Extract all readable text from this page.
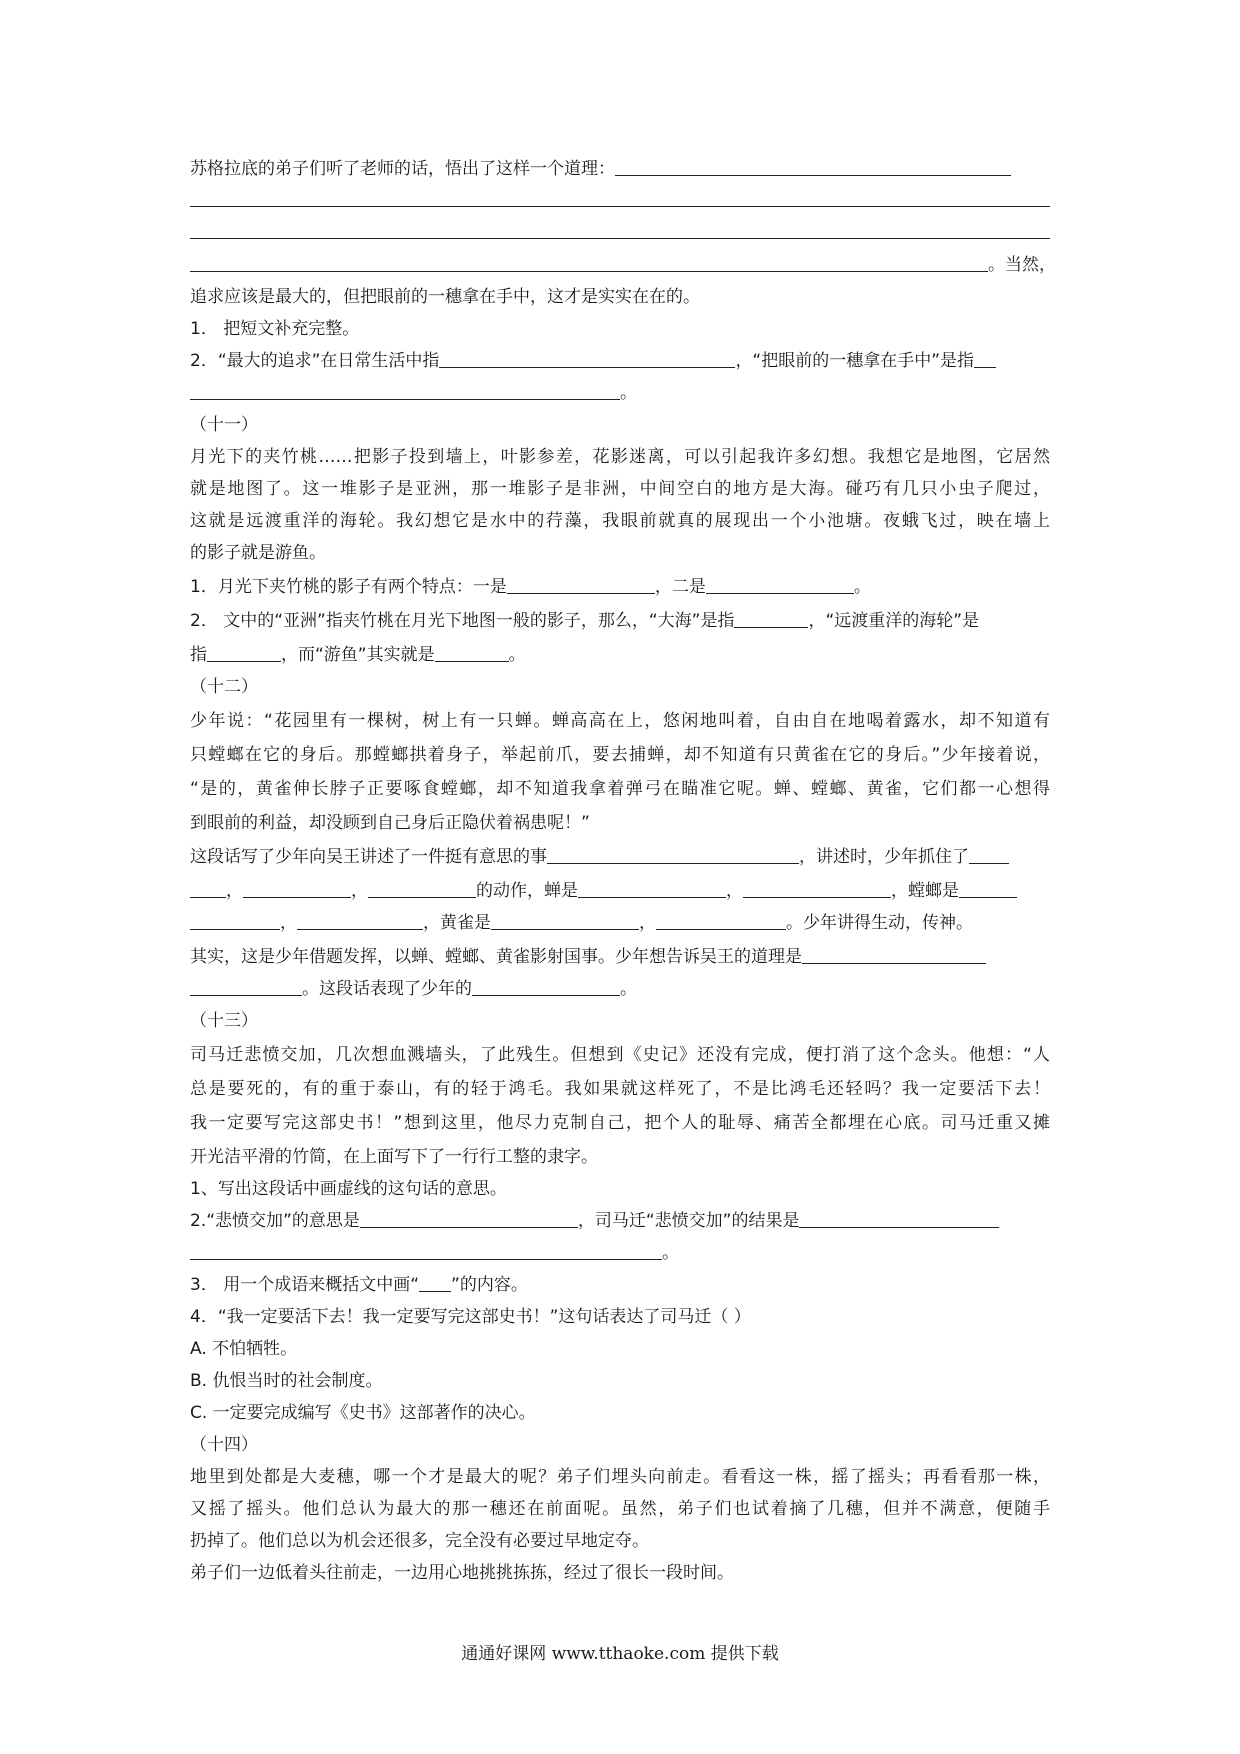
苏格拉底的弟子们听了老师的话，悟出了这样一个道理：
。当然，
追求应该是最大的，但把眼前的一穗拿在手中，这才是实实在在的。
1． 把短文补充完整。
2．“最大的追求”在日常生活中指	，“把眼前的一穗拿在手中”是指
。
（十一）
月光下的夹竹桃……把影子投到墙上，叶影参差，花影迷离，可以引起我许多幻想。我想它是地图，它居然
就是地图了。这一堆影子是亚洲，那一堆影子是非洲，中间空白的地方是大海。碰巧有几只小虫子爬过，
这就是远渡重洋的海轮。我幻想它是水中的荇藻，我眼前就真的展现出一个小池塘。夜蛾飞过，映在墙上
的影子就是游鱼。
1．月光下夹竹桃的影子有两个特点：一是	，二是	。
2． 文中的“亚洲”指夹竹桃在月光下地图一般的影子，那么，“大海”是指	，“远渡重洋的海轮”是
指	，而“游鱼”其实就是	。
（十二）
少年说：“花园里有一棵树，树上有一只蝉。蝉高高在上，悠闲地叫着，自由自在地喝着露水，却不知道有
只螳螂在它的身后。那螳螂拱着身子，举起前爪，要去捕蝉，却不知道有只黄雀在它的身后。”少年接着说，
“是的，黄雀伸长脖子正要啄食螳螂，却不知道我拿着弹弓在瞄准它呢。蝉、螳螂、黄雀，它们都一心想得
到眼前的利益，却没顾到自己身后正隐伏着祸患呢！”
这段话写了少年向吴王讲述了一件挺有意思的事	，讲述时，少年抓住了
，	，	的动作，蝉是	，	，螳螂是
，	，黄雀是	，	。少年讲得生动，传神。
其实，这是少年借题发挥，以蝉、螳螂、黄雀影射国事。少年想告诉吴王的道理是
。这段话表现了少年的	。
（十三）
司马迁悲愤交加，几次想血溅墙头，了此残生。但想到《史记》还没有完成，便打消了这个念头。他想：“人
总是要死的，有的重于泰山，有的轻于鸿毛。我如果就这样死了，不是比鸿毛还轻吗？我一定要活下去！
我一定要写完这部史书！”想到这里，他尽力克制自己，把个人的耻辱、痛苦全都埋在心底。司马迁重又摊
开光洁平滑的竹简，在上面写下了一行行工整的隶字。
1、写出这段话中画虚线的这句话的意思。
2.“悲愤交加”的意思是	，司马迁“悲愤交加”的结果是
。
3． 用一个成语来概括文中画“ ”的内容。
4．“我一定要活下去！我一定要写完这部史书！”这句话表达了司马迁（ ）
A. 不怕牺牲。
B. 仇恨当时的社会制度。
C. 一定要完成编写《史书》这部著作的决心。
（十四）
地里到处都是大麦穗，哪一个才是最大的呢？弟子们埋头向前走。看看这一株，摇了摇头；再看看那一株，
又摇了摇头。他们总认为最大的那一穗还在前面呢。虽然，弟子们也试着摘了几穗，但并不满意，便随手
扔掉了。他们总以为机会还很多，完全没有必要过早地定夺。
弟子们一边低着头往前走，一边用心地挑挑拣拣，经过了很长一段时间。
通通好课网 www.tthaoke.com 提供下载
